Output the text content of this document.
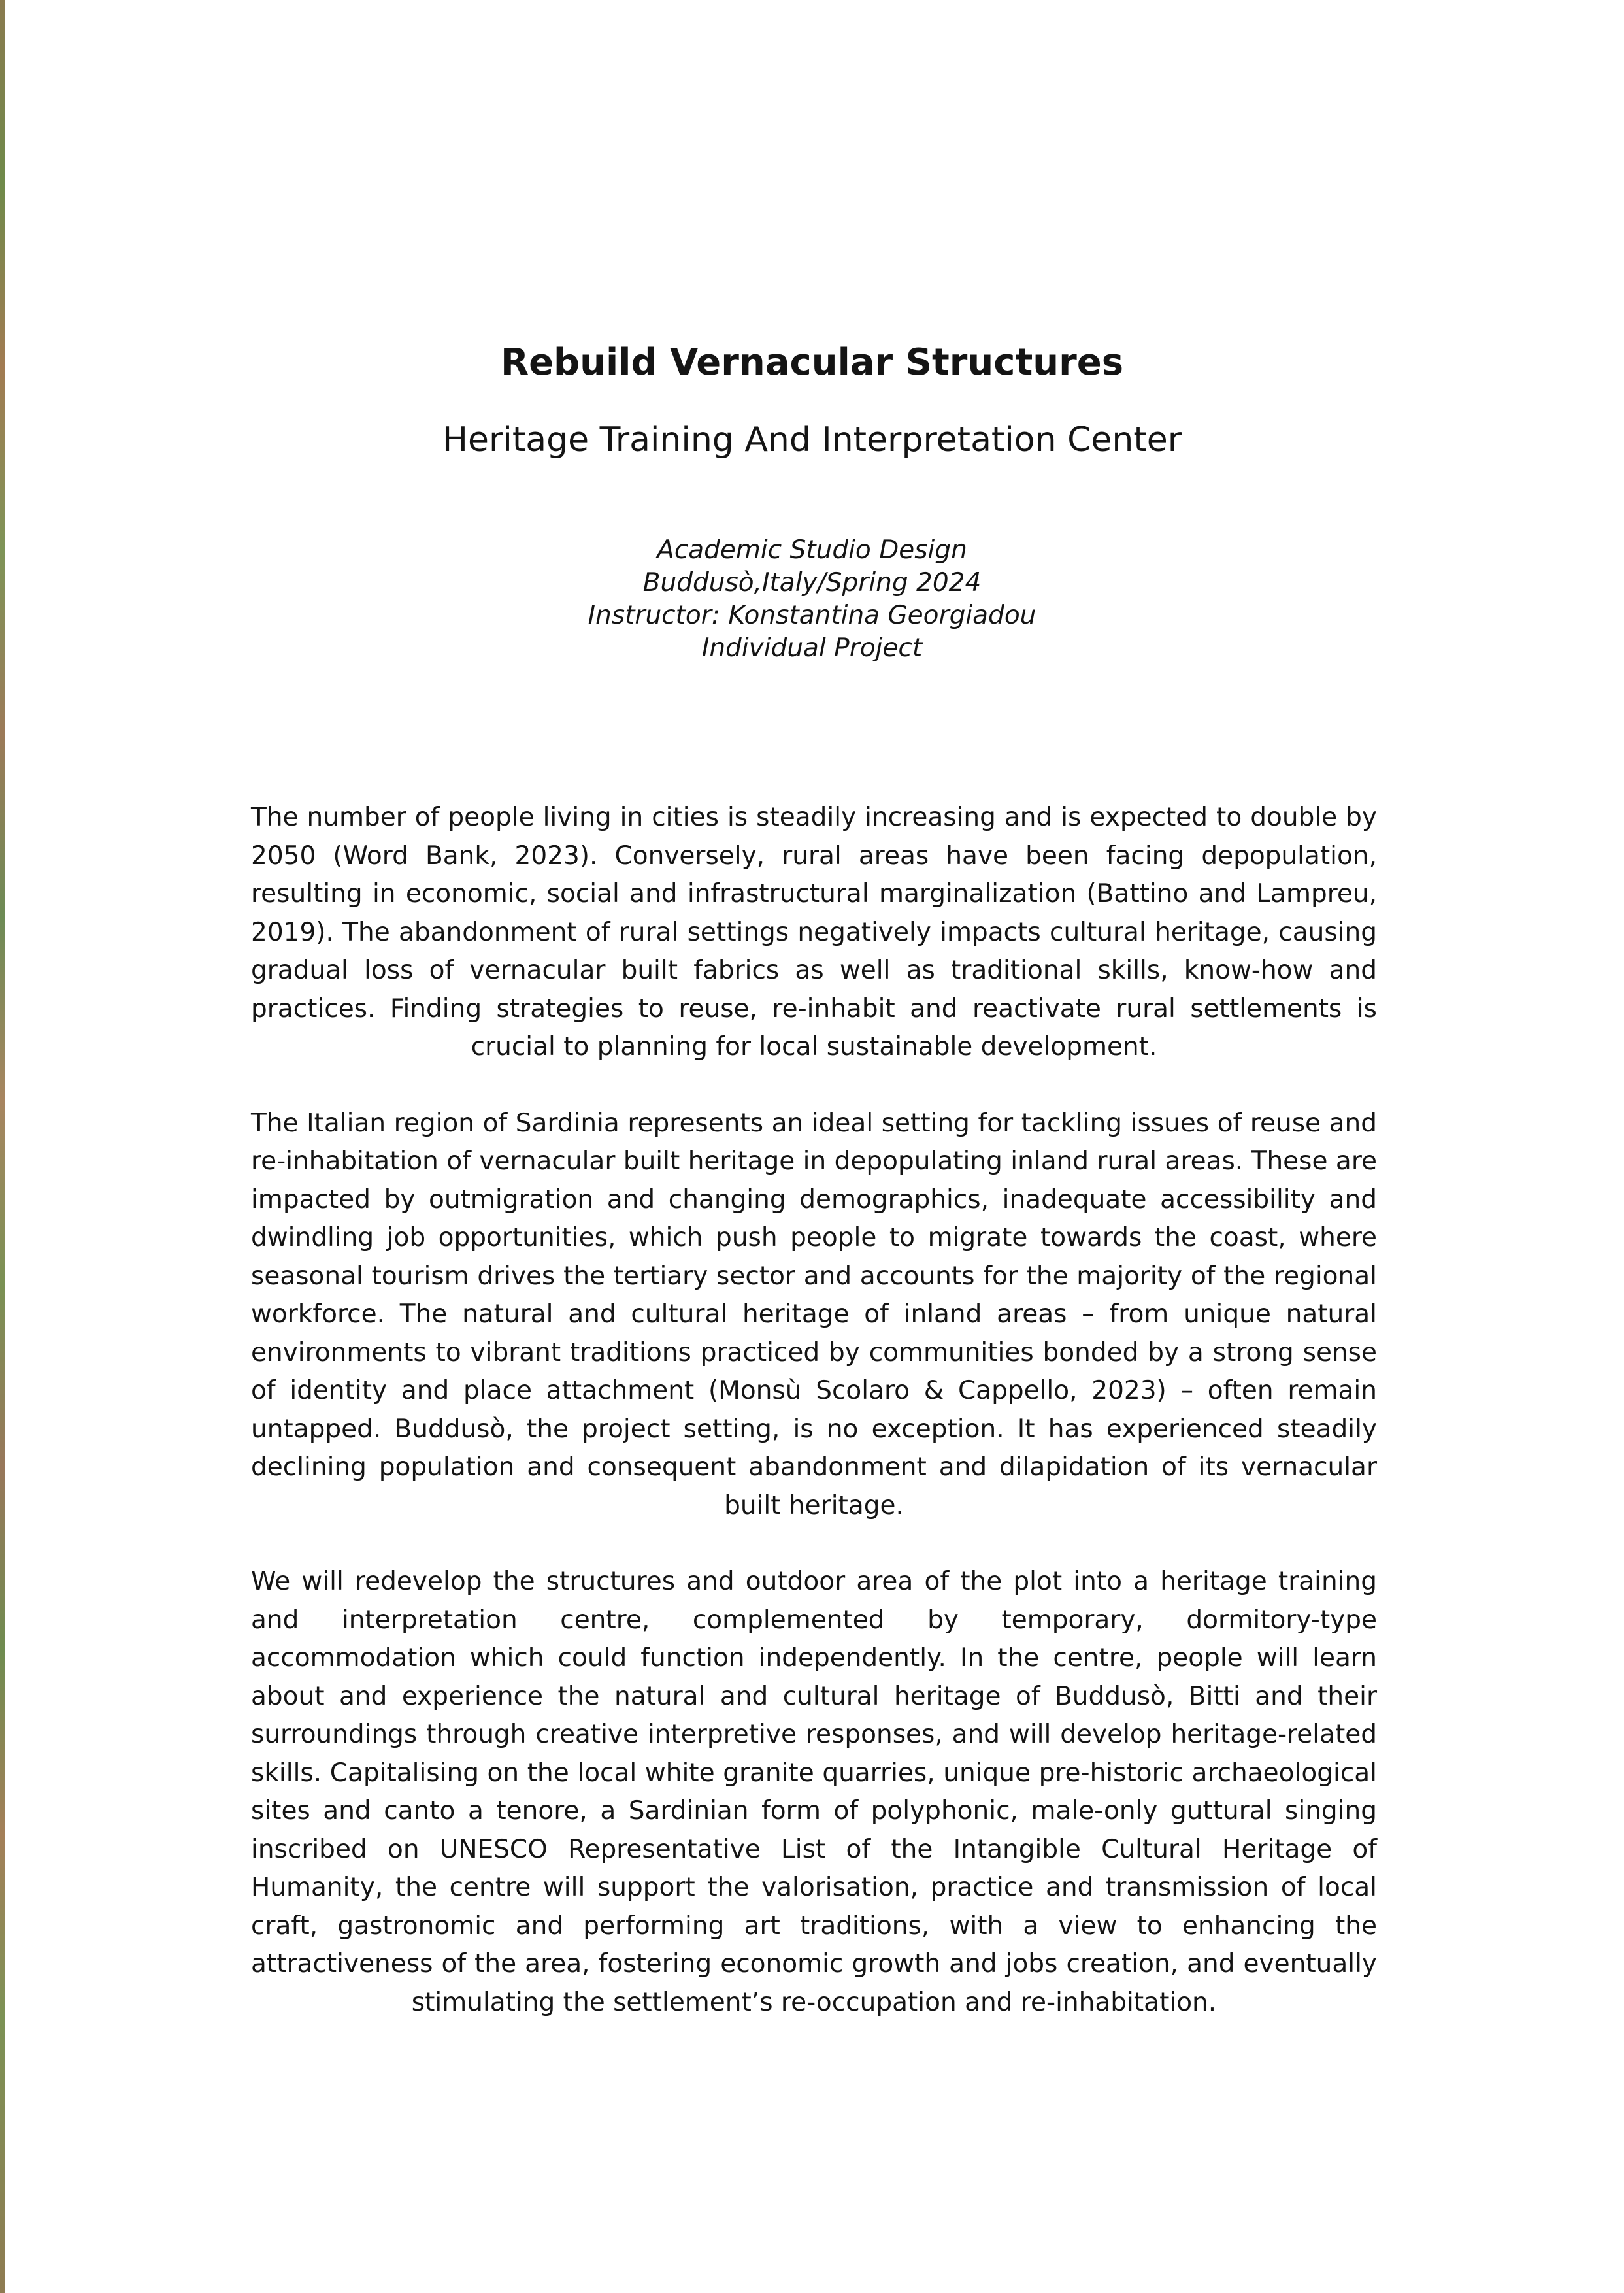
Rebuild Vernacular Structures
Heritage Training And Interpretation Center
Academic Studio Design
Buddusò,Italy/Spring 2024
Instructor: Konstantina Georgiadou
Individual Project

The number of people living in cities is steadily increasing and is expected to double by 2050 (Word Bank, 2023). Conversely, rural areas have been facing depopulation, resulting in economic, social and infrastructural marginalization (Battino and Lampreu, 2019). The abandonment of rural settings negatively impacts cultural heritage, causing gradual loss of vernacular built fabrics as well as traditional skills, know-how and practices. Finding strategies to reuse, re-inhabit and reactivate rural settlements is crucial to planning for local sustainable development.

The Italian region of Sardinia represents an ideal setting for tackling issues of reuse and re-inhabitation of vernacular built heritage in depopulating inland rural areas. These are impacted by outmigration and changing demographics, inadequate accessibility and dwindling job opportunities, which push people to migrate towards the coast, where seasonal tourism drives the tertiary sector and accounts for the majority of the regional workforce. The natural and cultural heritage of inland areas – from unique natural environments to vibrant traditions practiced by communities bonded by a strong sense of identity and place attachment (Monsù Scolaro & Cappello, 2023) – often remain untapped. Buddusò, the project setting, is no exception. It has experienced steadily declining population and consequent abandonment and dilapidation of its vernacular built heritage.

We will redevelop the structures and outdoor area of the plot into a heritage training and interpretation centre, complemented by temporary, dormitory-type accommodation which could function independently. In the centre, people will learn about and experience the natural and cultural heritage of Buddusò, Bitti and their surroundings through creative interpretive responses, and will develop heritage-related skills. Capitalising on the local white granite quarries, unique pre-historic archaeological sites and canto a tenore, a Sardinian form of polyphonic, male-only guttural singing inscribed on UNESCO Representative List of the Intangible Cultural Heritage of Humanity, the centre will support the valorisation, practice and transmission of local craft, gastronomic and performing art traditions, with a view to enhancing the attractiveness of the area, fostering economic growth and jobs creation, and eventually stimulating the settlement’s re-occupation and re-inhabitation.
